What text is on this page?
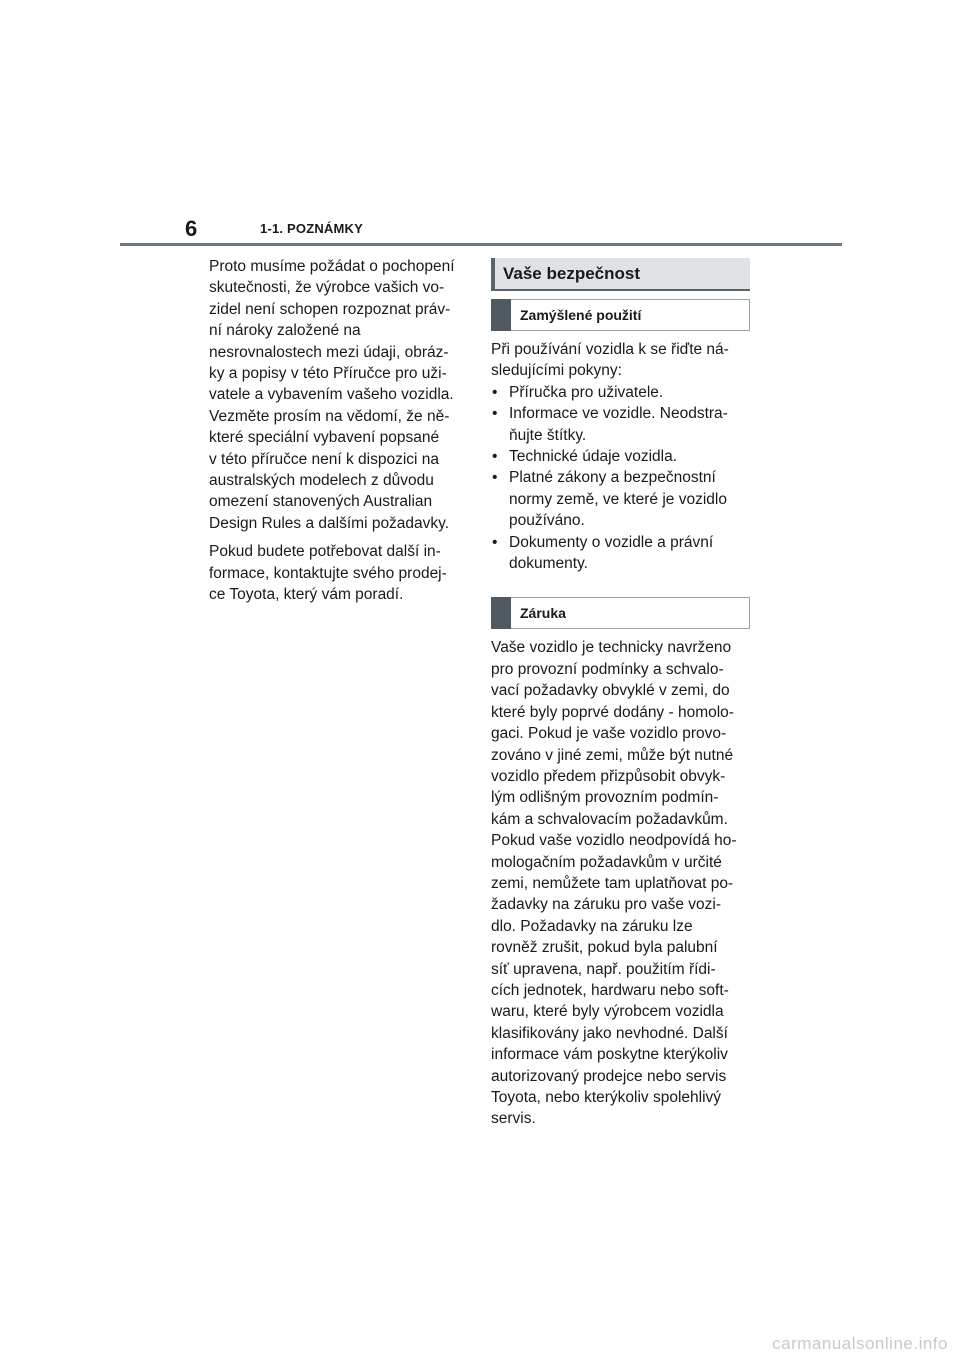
6	1-1. POZNÁMKY

Proto musíme požádat o pochopení
skutečnosti, že výrobce vašich vo-
zidel není schopen rozpoznat práv-
ní nároky založené na
nesrovnalostech mezi údaji, obráz-
ky a popisy v této Příručce pro uži-
vatele a vybavením vašeho vozidla.
Vezměte prosím na vědomí, že ně-
které speciální vybavení popsané
v této příručce není k dispozici na
australských modelech z důvodu
omezení stanovených Australian
Design Rules a dalšími požadavky.

Pokud budete potřebovat další in-
formace, kontaktujte svého prodej-
ce Toyota, který vám poradí.

Vaše bezpečnost
Zamýšlené použití

Při používání vozidla k se řiďte ná-
sledujícími pokyny:

• Příručka pro uživatele.
• Informace ve vozidle. Neodstra-
ňujte štítky.
• Technické údaje vozidla.
• Platné zákony a bezpečnostní
normy země, ve které je vozidlo
používáno.
• Dokumenty o vozidle a právní
dokumenty.
Záruka

Vaše vozidlo je technicky navrženo
pro provozní podmínky a schvalo-
vací požadavky obvyklé v zemi, do
které byly poprvé dodány - homolo-
gaci. Pokud je vaše vozidlo provo-
zováno v jiné zemi, může být nutné
vozidlo předem přizpůsobit obvyk-
lým odlišným provozním podmín-
kám a schvalovacím požadavkům.
Pokud vaše vozidlo neodpovídá ho-
mologačním požadavkům v určité
zemi, nemůžete tam uplatňovat po-
žadavky na záruku pro vaše vozi-
dlo. Požadavky na záruku lze
rovněž zrušit, pokud byla palubní
síť upravena, např. použitím řídi-
cích jednotek, hardwaru nebo soft-
waru, které byly výrobcem vozidla
klasifikovány jako nevhodné. Další
informace vám poskytne kterýkoliv
autorizovaný prodejce nebo servis
Toyota, nebo kterýkoliv spolehlivý
servis.

carmanualsonline.info
